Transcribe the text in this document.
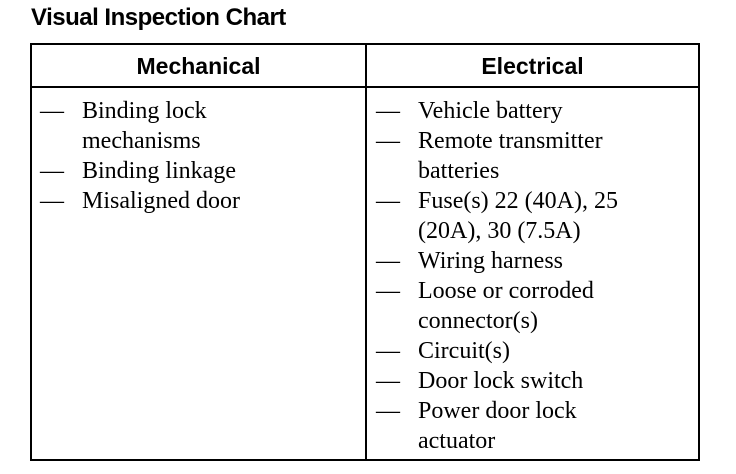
Visual Inspection Chart
Mechanical	Electrical
— Binding lock
mechanisms
— Binding linkage
— Misaligned door
— Vehicle battery
— Remote transmitter
batteries
— Fuse(s) 22 (40A), 25
(20A), 30 (7.5A)
— Wiring harness
— Loose or corroded
connector(s)
— Circuit(s)
— Door lock switch
— Power door lock
actuator
